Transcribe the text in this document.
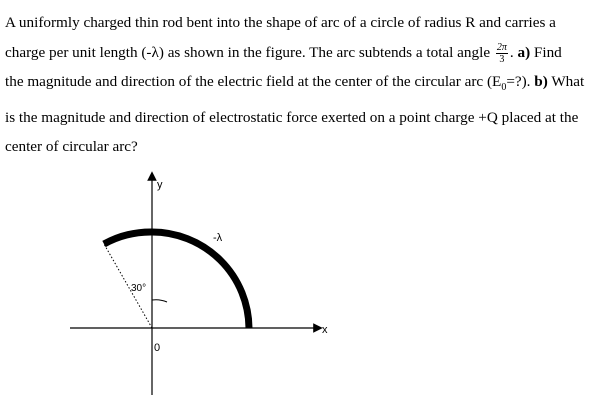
A uniformly charged thin rod bent into the shape of arc of a circle of radius R and carries a
charge per unit length (-λ) as shown in the figure. The arc subtends a total angle $\frac{2\pi}{3}$ . a) Find
the magnitude and direction of the electric field at the center of the circular arc $(E_0=?)$. b) What
is the magnitude and direction of electrostatic force exerted on a point charge +Q placed at the
center of circular arc?
y
x
0
-λ
30°
